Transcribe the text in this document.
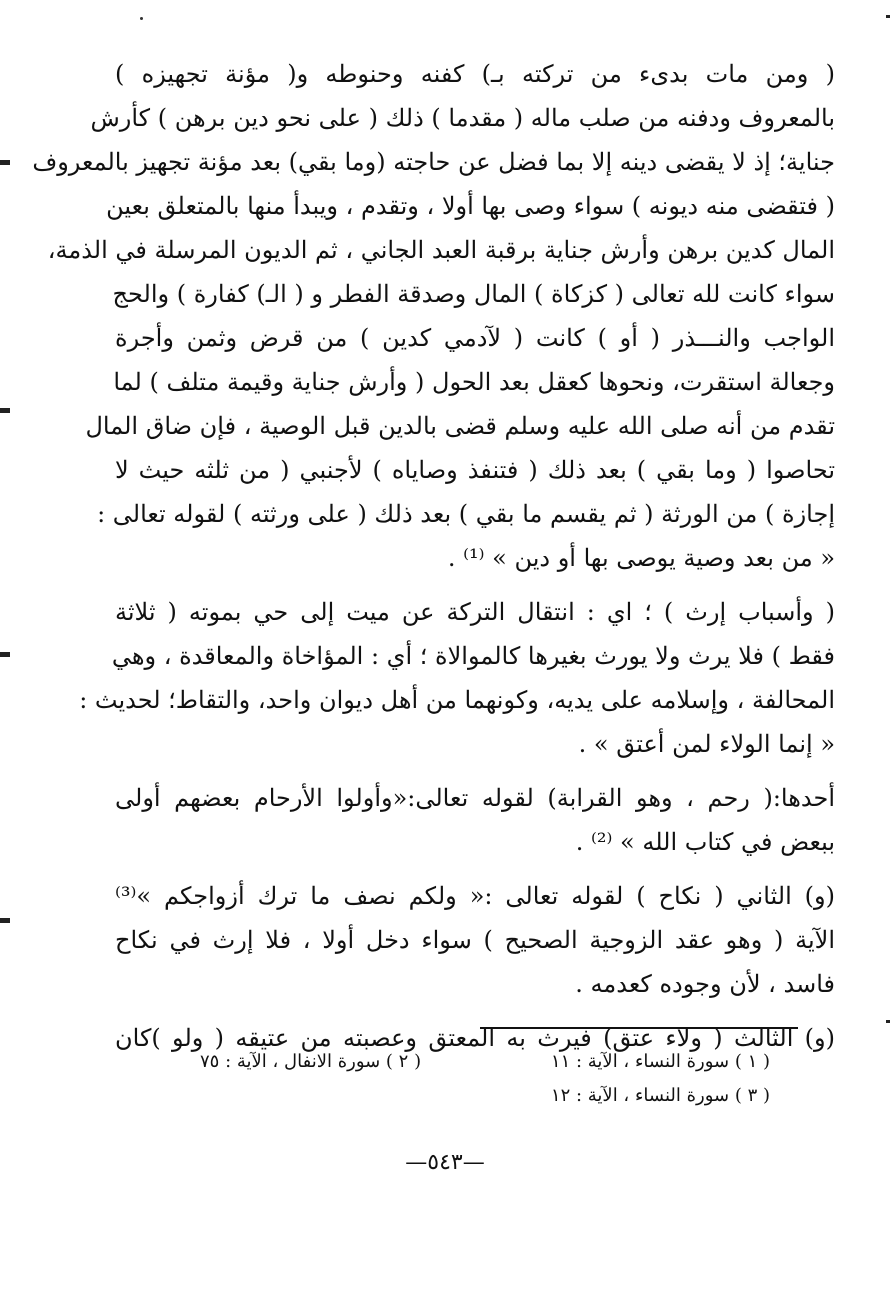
( ومن مات بدىء من تركته بـ) كفنه وحنوطه و( مؤنة تجهيزه )
بالمعروف ودفنه من صلب ماله ( مقدما ) ذلك ( على نحو دين برهن ) كأرش
جناية؛ إذ لا يقضى دينه إلا بما فضل عن حاجته (وما بقي) بعد مؤنة تجهيز بالمعروف
( فتقضى منه ديونه ) سواء وصى بها أولا ، وتقدم ، ويبدأ منها بالمتعلق بعين
المال كدين برهن وأرش جناية برقبة العبد الجاني ، ثم الديون المرسلة في الذمة،
سواء كانت لله تعالى ( كزكاة ) المال وصدقة الفطر و ( الـ) كفارة ) والحج
الواجب والنـــذر ( أو ) كانت ( لآدمي كدين ) من قرض وثمن وأجرة
وجعالة استقرت، ونحوها كعقل بعد الحول ( وأرش جناية وقيمة متلف ) لما
تقدم من أنه صلى الله عليه وسلم قضى بالدين قبل الوصية ، فإن ضاق المال
تحاصوا ( وما بقي ) بعد ذلك ( فتنفذ وصاياه ) لأجنبي ( من ثلثه حيث لا
إجازة ) من الورثة ( ثم يقسم ما بقي ) بعد ذلك ( على ورثته ) لقوله تعالى :
« من بعد وصية يوصى بها أو دين » ⁽¹⁾ .
( وأسباب إرث ) ؛ اي : انتقال التركة عن ميت إلى حي بموته ( ثلاثة
فقط ) فلا يرث ولا يورث بغيرها كالموالاة ؛ أي : المؤاخاة والمعاقدة ، وهي
المحالفة ، وإسلامه على يديه، وكونهما من أهل ديوان واحد، والتقاط؛ لحديث :
« إنما الولاء لمن أعتق » .
أحدها:( رحم ، وهو القرابة) لقوله تعالى:«وأولوا الأرحام بعضهم أولى
ببعض في كتاب الله » ⁽²⁾ .
(و) الثاني ( نكاح ) لقوله تعالى :« ولكم نصف ما ترك أزواجكم »⁽³⁾
الآية ( وهو عقد الزوجية الصحيح ) سواء دخل أولا ، فلا إرث في نكاح
فاسد ، لأن وجوده كعدمه .
(و) الثالث ( ولاء عتق) فيرث به المعتق وعصبته من عتيقه ( ولو )كان
( ١ ) سورة النساء ، الآية : ١١
( ٢ ) سورة الانفال ، الآية : ٧٥
( ٣ ) سورة النساء ، الآية : ١٢
—٥٤٣—
